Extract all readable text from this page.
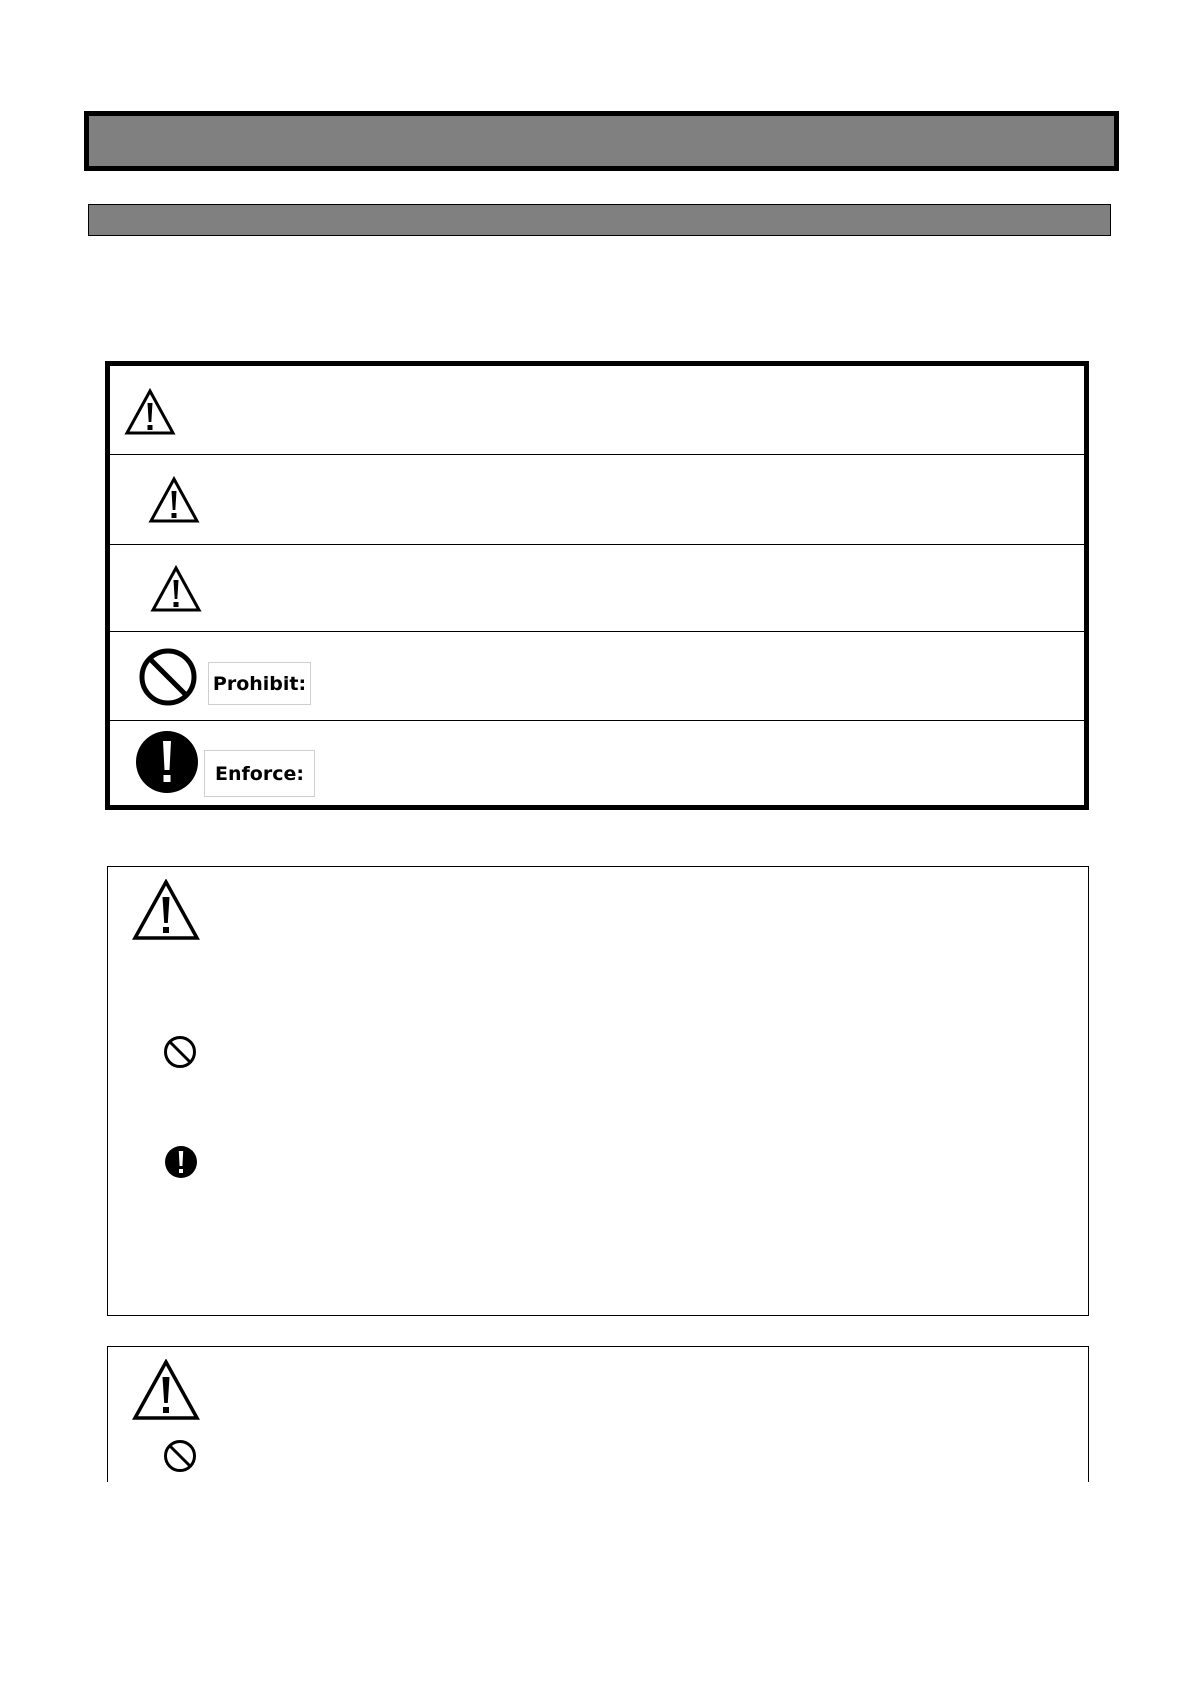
Prohibit:
Enforce:
